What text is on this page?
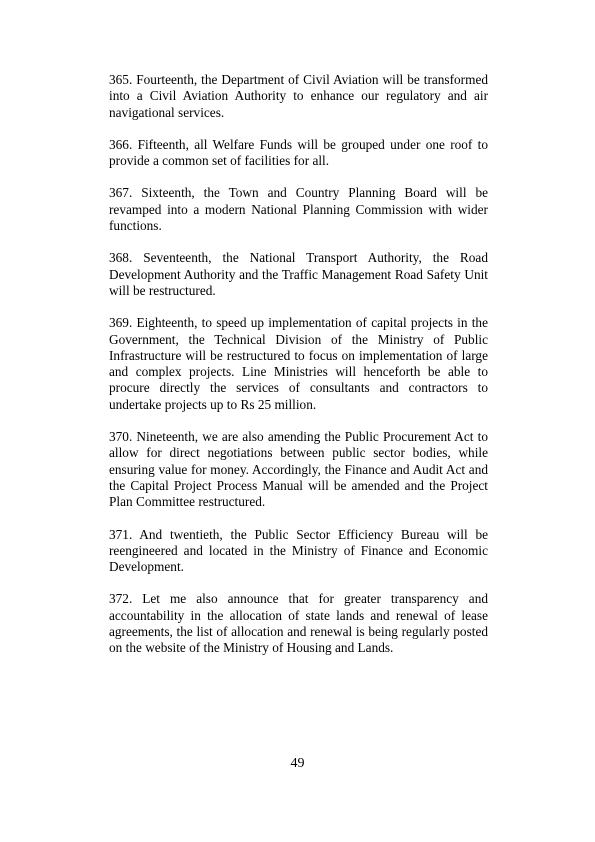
365. Fourteenth, the Department of Civil Aviation will be transformed into a Civil Aviation Authority to enhance our regulatory and air navigational services.

366. Fifteenth, all Welfare Funds will be grouped under one roof to provide a common set of facilities for all.

367. Sixteenth, the Town and Country Planning Board will be revamped into a modern National Planning Commission with wider functions.

368. Seventeenth, the National Transport Authority, the Road Development Authority and the Traffic Management Road Safety Unit will be restructured.

369. Eighteenth, to speed up implementation of capital projects in the Government, the Technical Division of the Ministry of Public Infrastructure will be restructured to focus on implementation of large and complex projects. Line Ministries will henceforth be able to procure directly the services of consultants and contractors to undertake projects up to Rs 25 million.

370. Nineteenth, we are also amending the Public Procurement Act to allow for direct negotiations between public sector bodies, while ensuring value for money. Accordingly, the Finance and Audit Act and the Capital Project Process Manual will be amended and the Project Plan Committee restructured.

371. And twentieth, the Public Sector Efficiency Bureau will be reengineered and located in the Ministry of Finance and Economic Development.

372. Let me also announce that for greater transparency and accountability in the allocation of state lands and renewal of lease agreements, the list of allocation and renewal is being regularly posted on the website of the Ministry of Housing and Lands.

49
